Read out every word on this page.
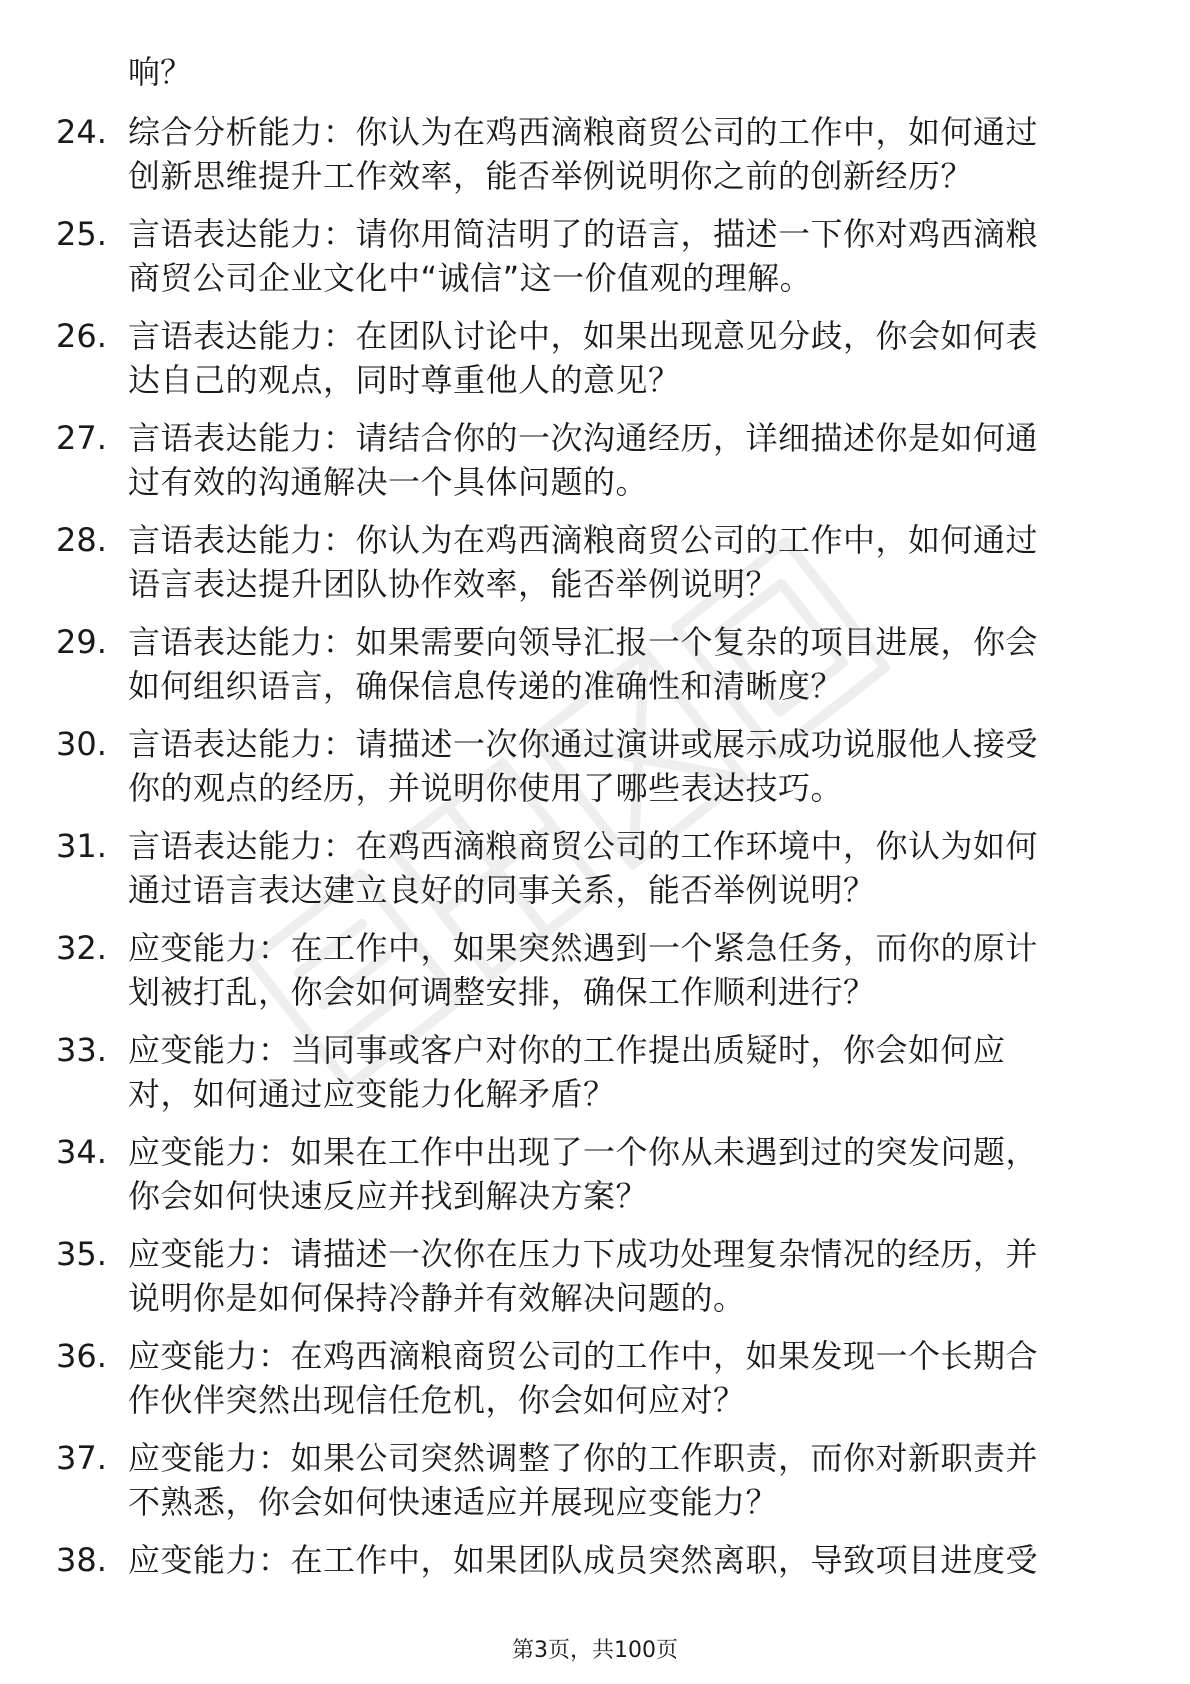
响？
24. 综合分析能力：你认为在鸡西滴粮商贸公司的工作中，如何通过
创新思维提升工作效率，能否举例说明你之前的创新经历？
25. 言语表达能力：请你用简洁明了的语言，描述一下你对鸡西滴粮
商贸公司企业文化中“诚信”这一价值观的理解。
26. 言语表达能力：在团队讨论中，如果出现意见分歧，你会如何表
达自己的观点，同时尊重他人的意见？
27. 言语表达能力：请结合你的一次沟通经历，详细描述你是如何通
过有效的沟通解决一个具体问题的。
28. 言语表达能力：你认为在鸡西滴粮商贸公司的工作中，如何通过
语言表达提升团队协作效率，能否举例说明？
29. 言语表达能力：如果需要向领导汇报一个复杂的项目进展，你会
如何组织语言，确保信息传递的准确性和清晰度？
30. 言语表达能力：请描述一次你通过演讲或展示成功说服他人接受
你的观点的经历，并说明你使用了哪些表达技巧。
31. 言语表达能力：在鸡西滴粮商贸公司的工作环境中，你认为如何
通过语言表达建立良好的同事关系，能否举例说明？
32. 应变能力：在工作中，如果突然遇到一个紧急任务，而你的原计
划被打乱，你会如何调整安排，确保工作顺利进行？
33. 应变能力：当同事或客户对你的工作提出质疑时，你会如何应
对，如何通过应变能力化解矛盾？
34. 应变能力：如果在工作中出现了一个你从未遇到过的突发问题，
你会如何快速反应并找到解决方案？
35. 应变能力：请描述一次你在压力下成功处理复杂情况的经历，并
说明你是如何保持冷静并有效解决问题的。
36. 应变能力：在鸡西滴粮商贸公司的工作中，如果发现一个长期合
作伙伴突然出现信任危机，你会如何应对？
37. 应变能力：如果公司突然调整了你的工作职责，而你对新职责并
不熟悉，你会如何快速适应并展现应变能力？
38. 应变能力：在工作中，如果团队成员突然离职，导致项目进度受
第3页，共100页
